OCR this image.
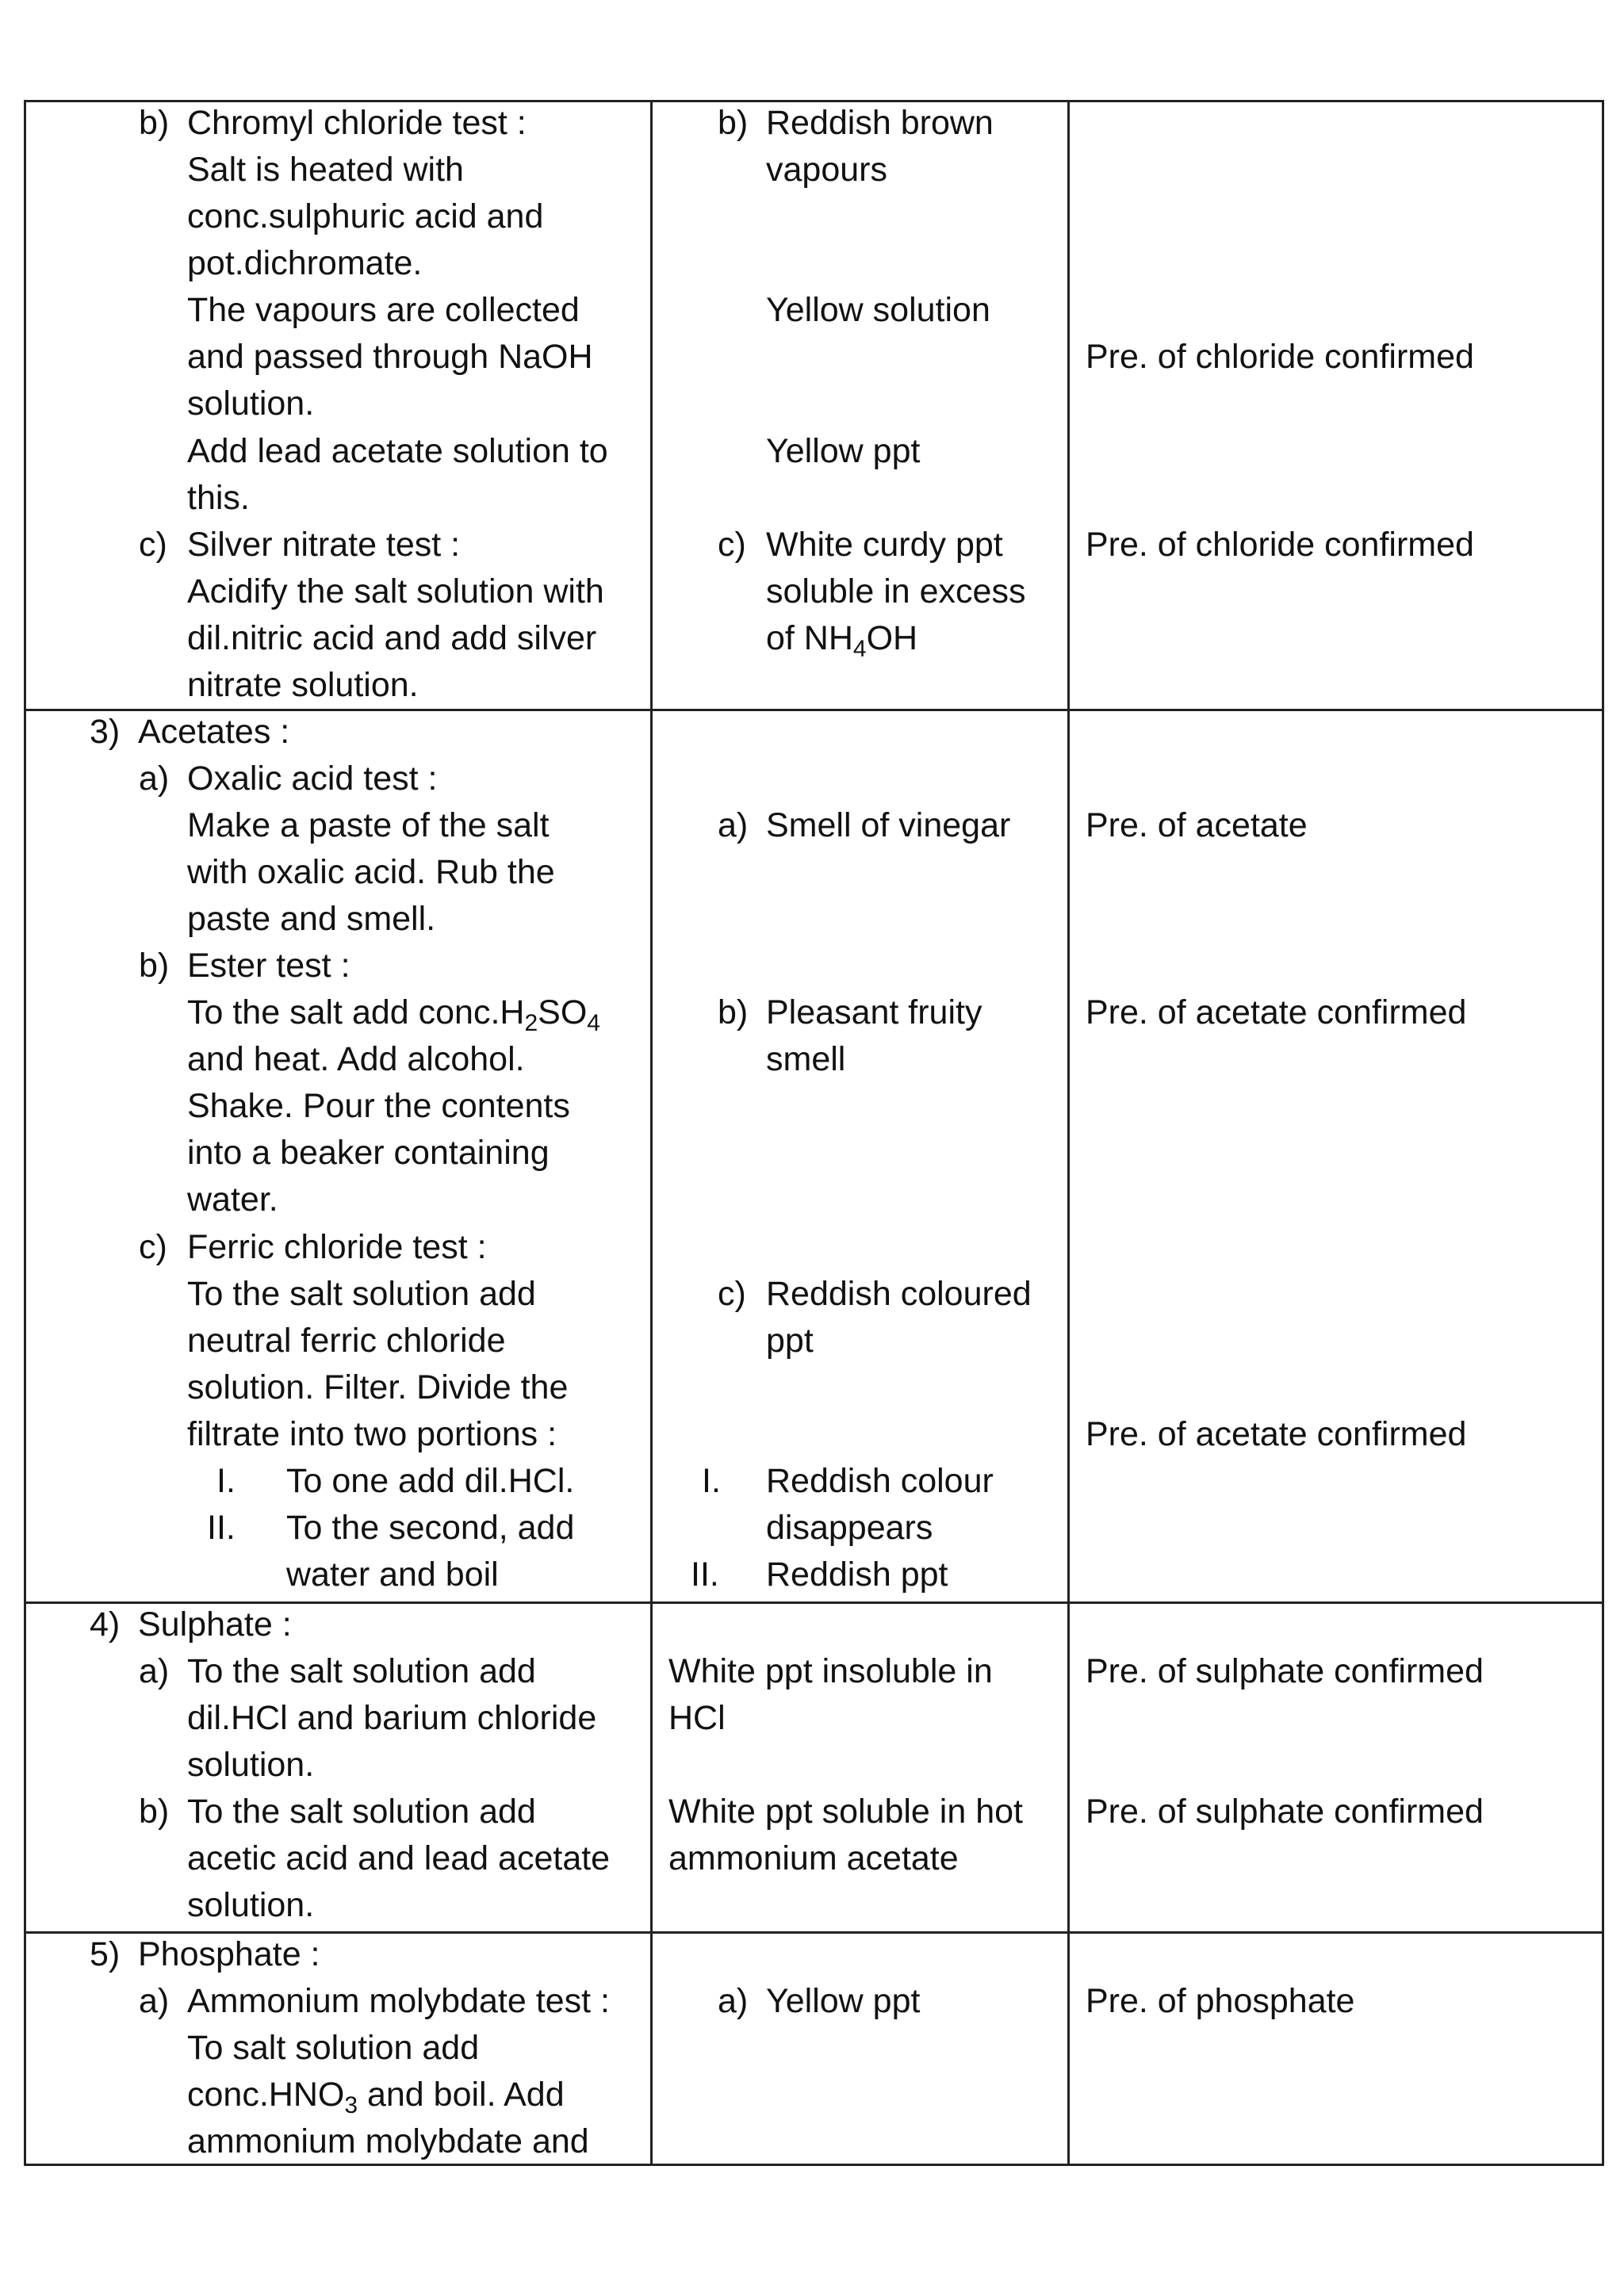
b) Chromyl chloride test :
Salt is heated with
conc.sulphuric acid and
pot.dichromate.
The vapours are collected
and passed through NaOH
solution.
Add lead acetate solution to
this.
c) Silver nitrate test :
Acidify the salt solution with
dil.nitric acid and add silver
nitrate solution.
b) Reddish brown
vapours
Yellow solution
Yellow ppt
c) White curdy ppt
soluble in excess
of $NH_4OH$
Pre. of chloride confirmed
Pre. of chloride confirmed
3) Acetates :
a) Oxalic acid test :
Make a paste of the salt
with oxalic acid. Rub the
paste and smell.
b) Ester test :
To the salt add $conc.H_2SO_4$
and heat. Add alcohol.
Shake. Pour the contents
into a beaker containing
water.
c) Ferric chloride test :
To the salt solution add
neutral ferric chloride
solution. Filter. Divide the
filtrate into two portions :
I. To one add dil.HCl.
II. To the second, add
water and boil
a) Smell of vinegar
b) Pleasant fruity
smell
c) Reddish coloured
ppt
I. Reddish colour
disappears
II. Reddish ppt
Pre. of acetate
Pre. of acetate confirmed
Pre. of acetate confirmed
4) Sulphate :
a) To the salt solution add
dil.HCl and barium chloride
solution.
b) To the salt solution add
acetic acid and lead acetate
solution.
White ppt insoluble in
HCl
White ppt soluble in hot
ammonium acetate
Pre. of sulphate confirmed
Pre. of sulphate confirmed
5) Phosphate :
a) Ammonium molybdate test :
To salt solution add
$conc.HNO_3$ and boil. Add
ammonium molybdate and
a) Yellow ppt	Pre. of phosphate
